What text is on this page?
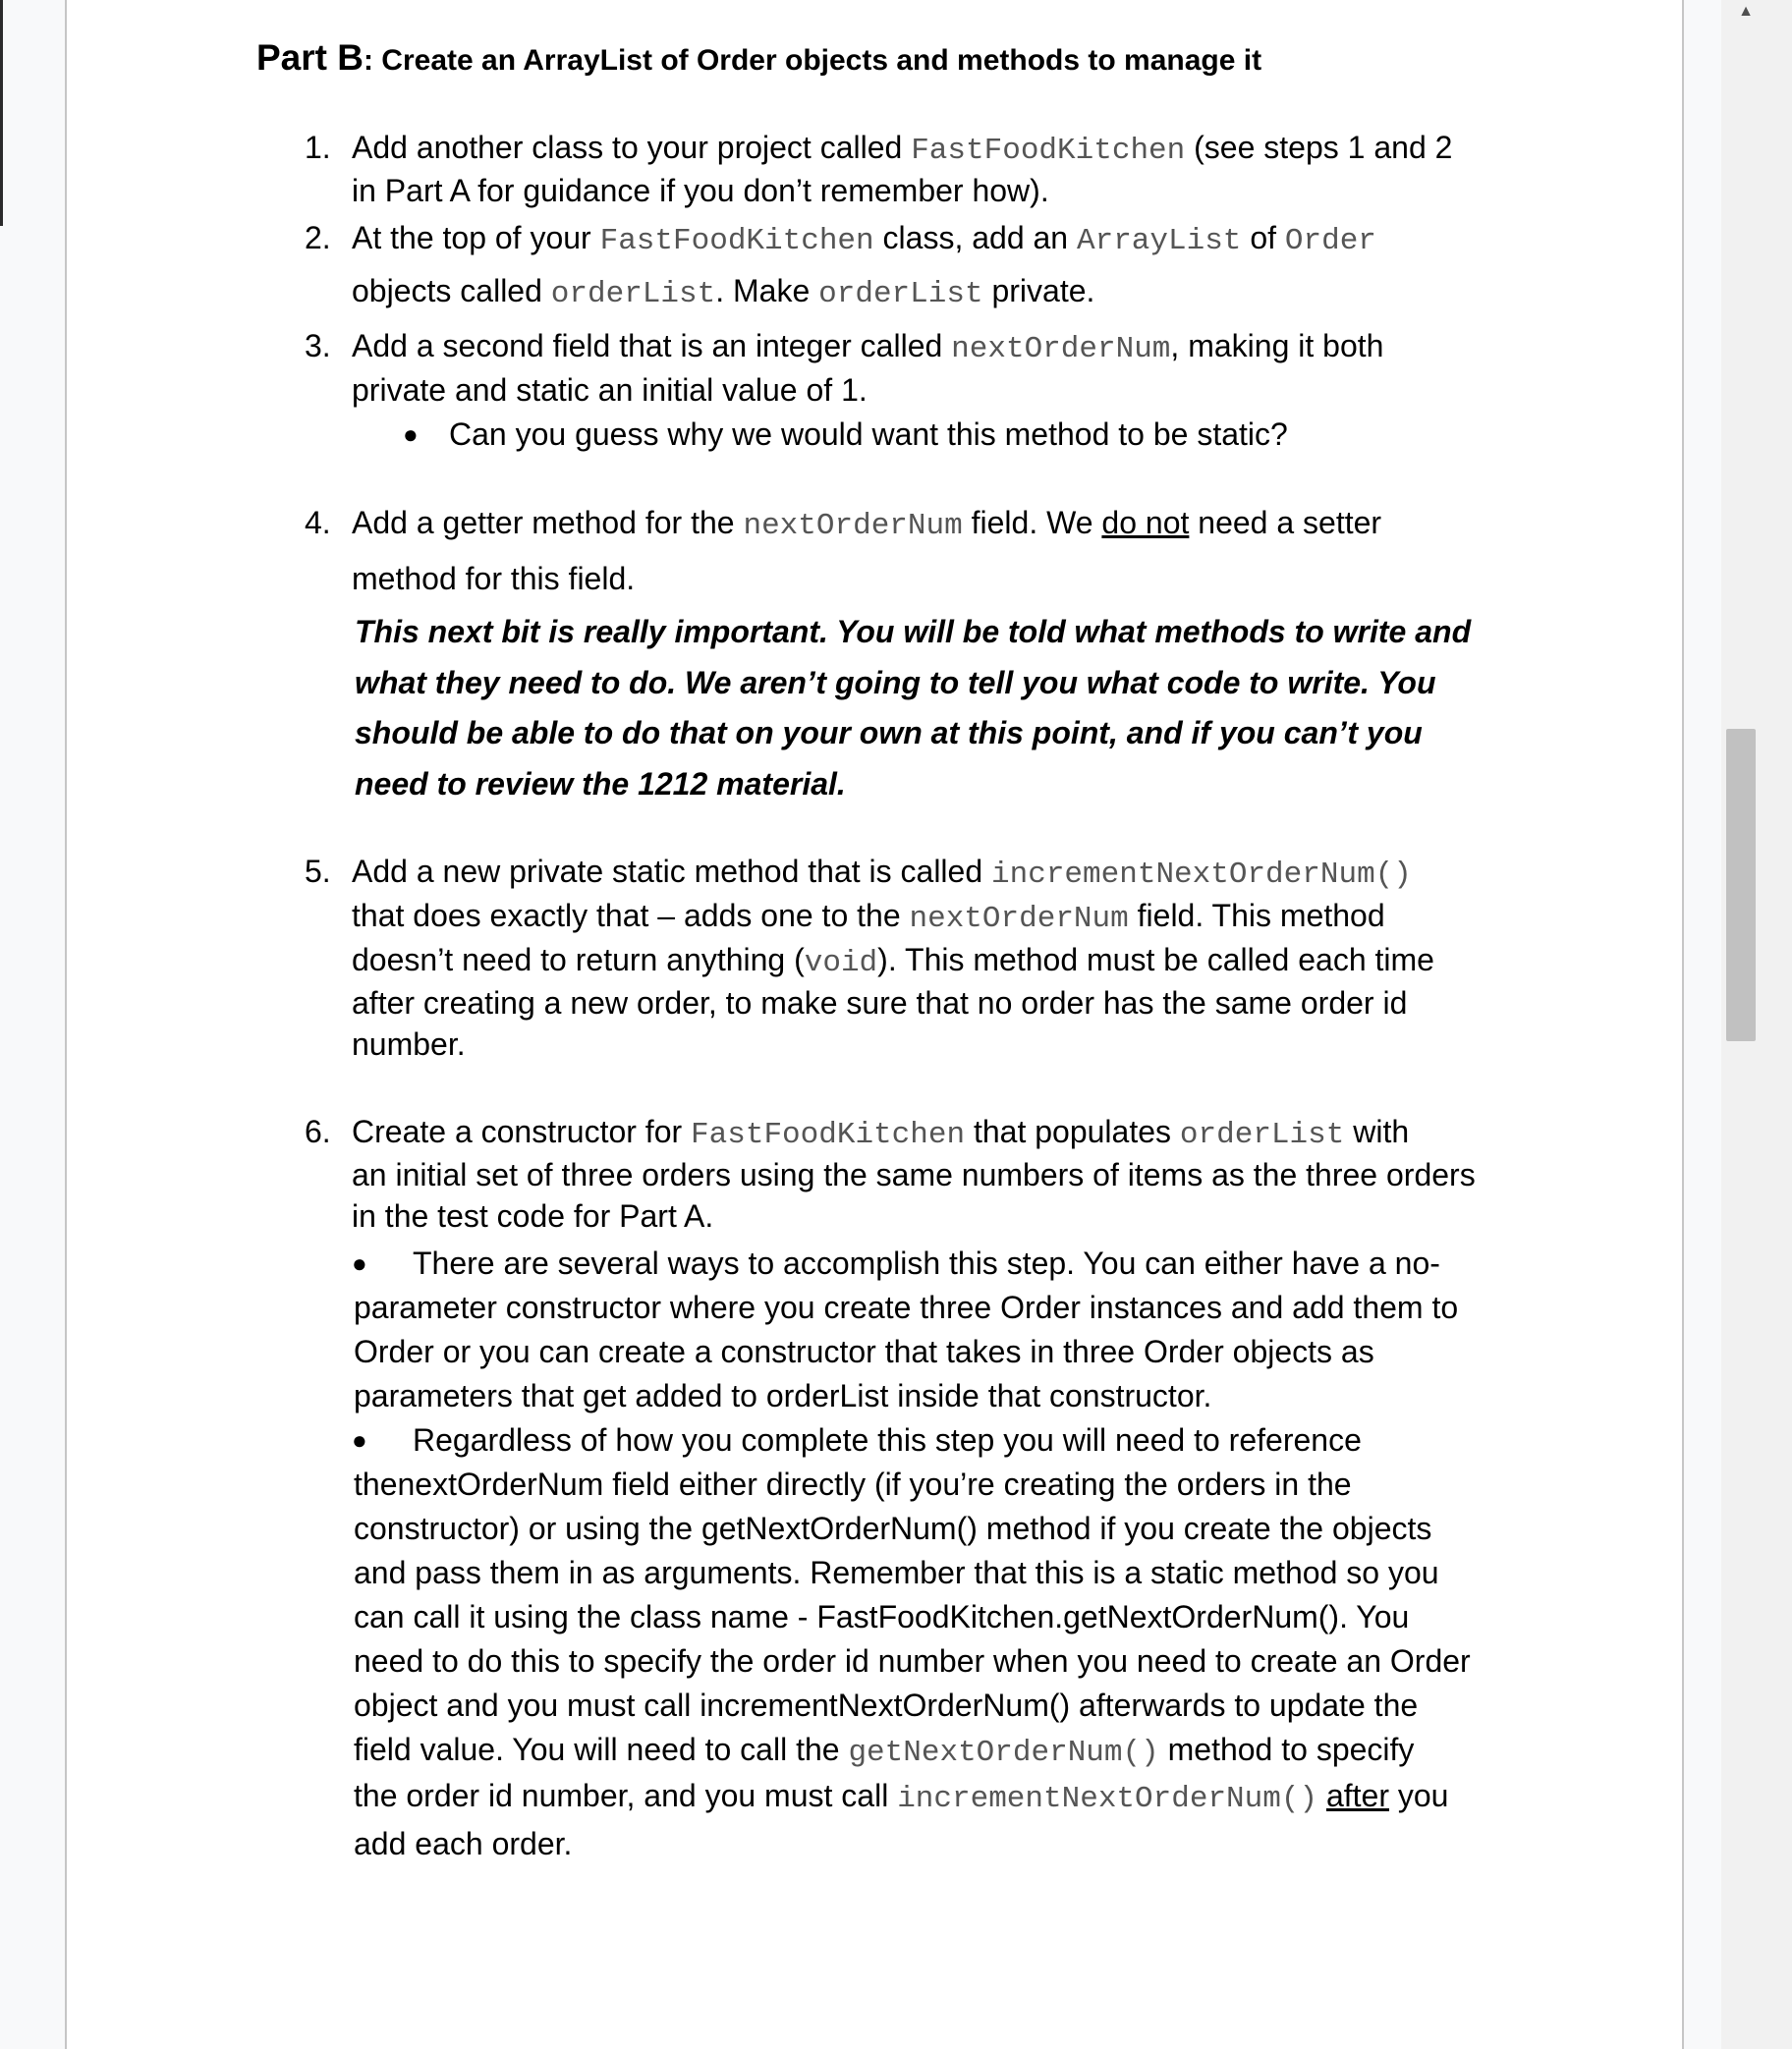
▲
Part B: Create an ArrayList of Order objects and methods to manage it
1. Add another class to your project called FastFoodKitchen (see steps 1 and 2
in Part A for guidance if you don’t remember how).
2. At the top of your FastFoodKitchen class, add an ArrayList of Order
objects called orderList. Make orderList private.
3. Add a second field that is an integer called nextOrderNum, making it both
private and static an initial value of 1.
● Can you guess why we would want this method to be static?
4. Add a getter method for the nextOrderNum field. We do not need a setter
method for this field.
This next bit is really important. You will be told what methods to write and
what they need to do. We aren’t going to tell you what code to write. You
should be able to do that on your own at this point, and if you can’t you
need to review the 1212 material.
5. Add a new private static method that is called incrementNextOrderNum()
that does exactly that – adds one to the nextOrderNum field. This method
doesn’t need to return anything (void). This method must be called each time
after creating a new order, to make sure that no order has the same order id
number.
6. Create a constructor for FastFoodKitchen that populates orderList with
an initial set of three orders using the same numbers of items as the three orders
in the test code for Part A.
● There are several ways to accomplish this step. You can either have a no-
parameter constructor where you create three Order instances and add them to
Order or you can create a constructor that takes in three Order objects as
parameters that get added to orderList inside that constructor.
● Regardless of how you complete this step you will need to reference
thenextOrderNum field either directly (if you’re creating the orders in the
constructor) or using the getNextOrderNum() method if you create the objects
and pass them in as arguments. Remember that this is a static method so you
can call it using the class name - FastFoodKitchen.getNextOrderNum(). You
need to do this to specify the order id number when you need to create an Order
object and you must call incrementNextOrderNum() afterwards to update the
field value. You will need to call the getNextOrderNum() method to specify
the order id number, and you must call incrementNextOrderNum() after you
add each order.
